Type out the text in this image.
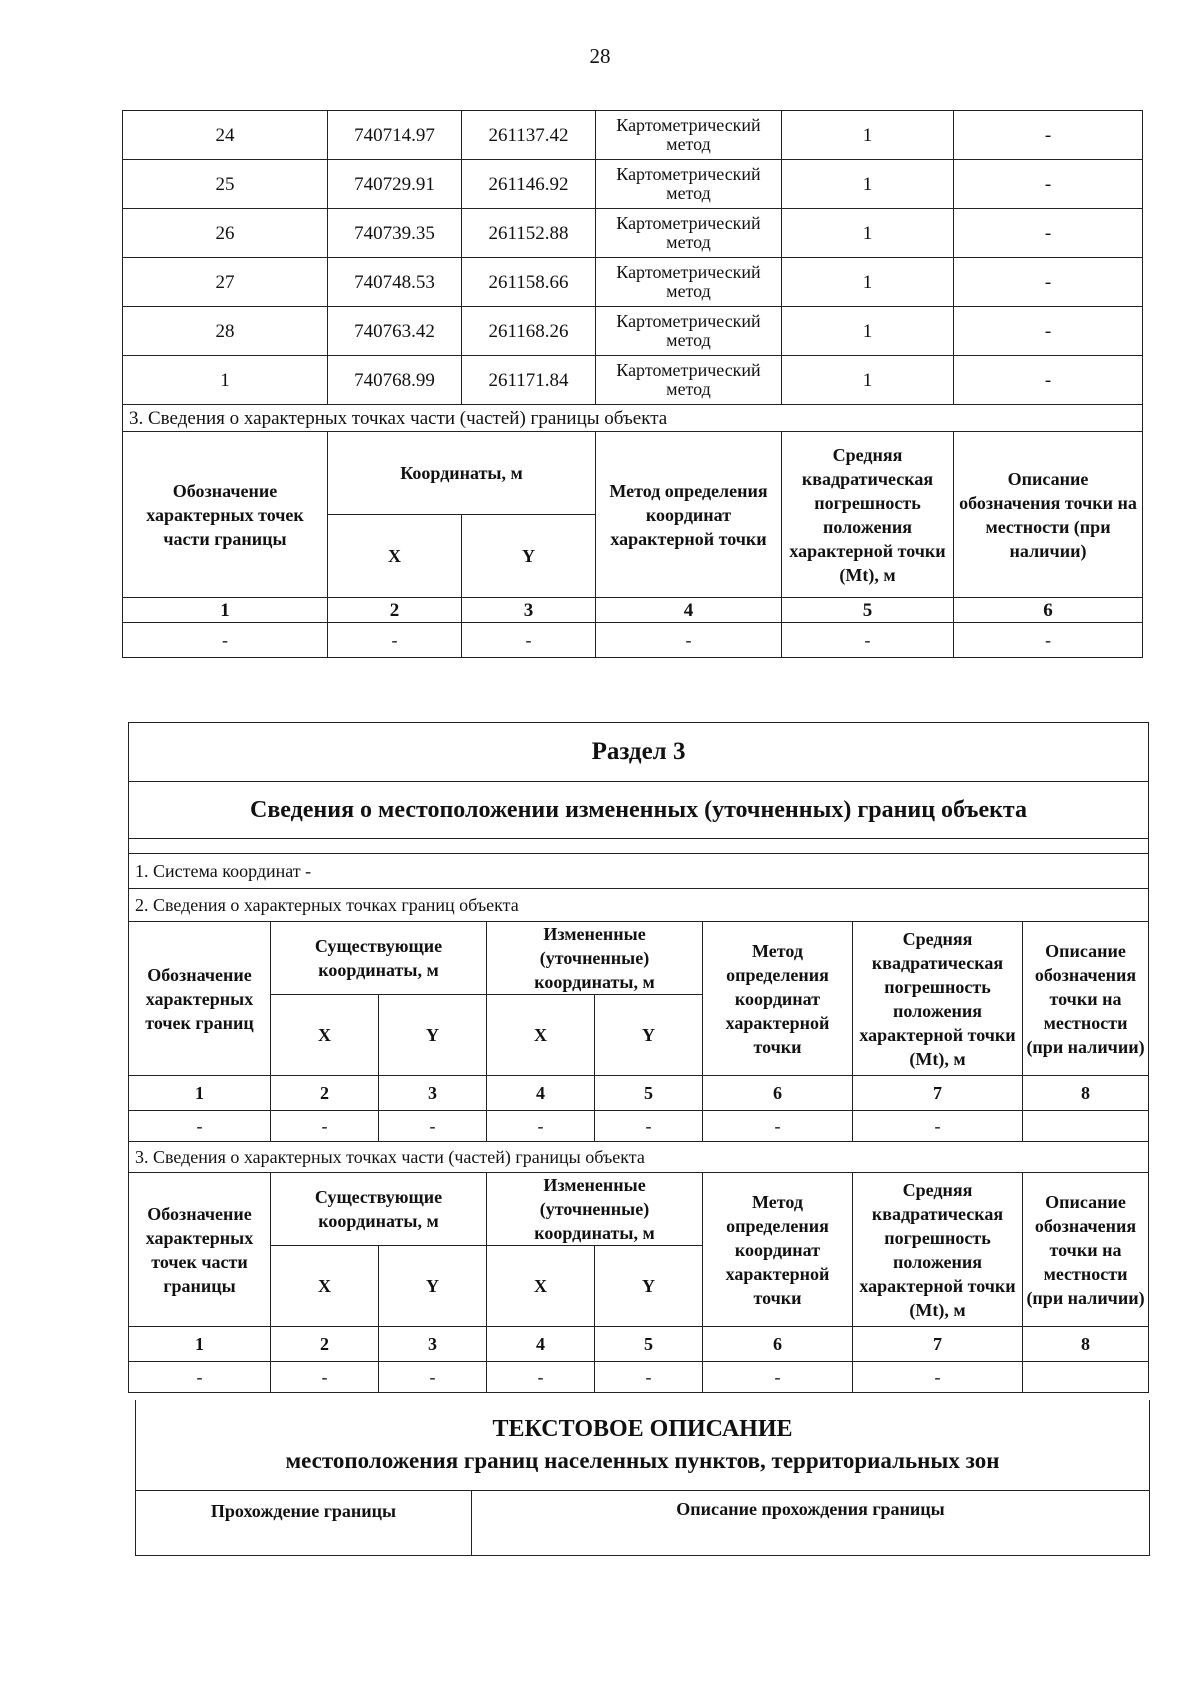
28
24	740714.97	261137.42	Картометрический метод	1	-
25	740729.91	261146.92	Картометрический метод	1	-
26	740739.35	261152.88	Картометрический метод	1	-
27	740748.53	261158.66	Картометрический метод	1	-
28	740763.42	261168.26	Картометрический метод	1	-
1	740768.99	261171.84	Картометрический метод	1	-
3. Сведения о характерных точках части (частей) границы объекта					
Обозначение характерных точек части границы	Координаты, м		Метод определения координат характерной точки	Средняя квадратическая погрешность положения характерной точки (Mt), м	Описание обозначения точки на местности (при наличии)
	X	Y			
1	2	3	4	5	6
-	-	-	-	-	-
Раздел 3							
Сведения о местоположении измененных (уточненных) границ объекта							

1. Система координат -							
2. Сведения о характерных точках границ объекта							
Обозначение характерных точек границ	Существующие координаты, м		Измененные (уточненные) координаты, м		Метод определения координат характерной точки	Средняя квадратическая погрешность положения характерной точки (Mt), м	Описание обозначения точки на местности (при наличии)
	X	Y	X	Y			
1	2	3	4	5	6	7	8
-	-	-	-	-	-	-	
3. Сведения о характерных точках части (частей) границы объекта							
Обозначение характерных точек части границы	Существующие координаты, м		Измененные (уточненные) координаты, м		Метод определения координат характерной точки	Средняя квадратическая погрешность положения характерной точки (Mt), м	Описание обозначения точки на местности (при наличии)
	X	Y	X	Y			
1	2	3	4	5	6	7	8
-	-	-	-	-	-	-	
ТЕКСТОВОЕ ОПИСАНИЕ
местоположения границ населенных пунктов, территориальных зон

Прохождение границы	Описание прохождения границы
